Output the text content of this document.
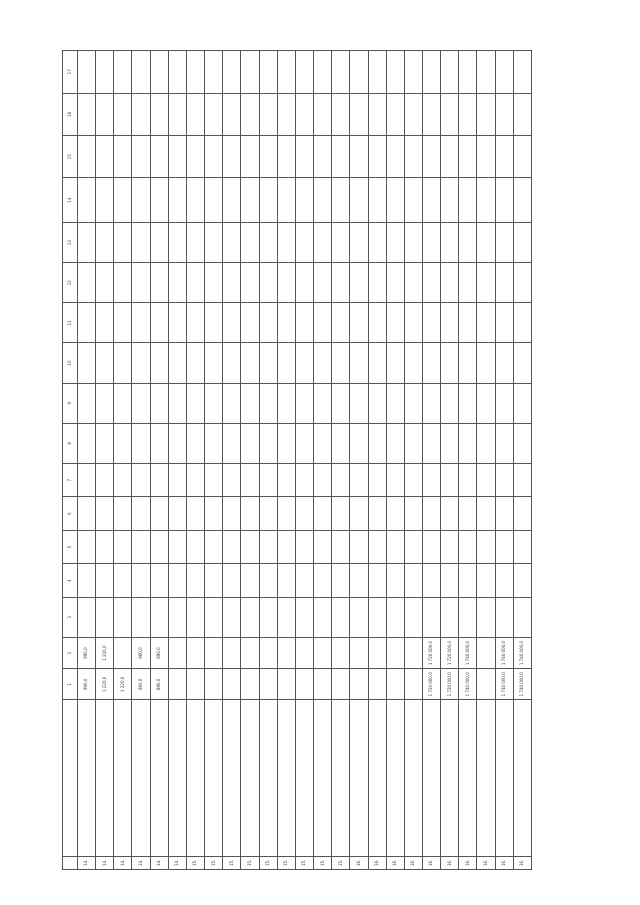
		1	2	3	4	5	6	7	8	9	10	11	12	13	14	15	16	17
14.		990,0	990,0															
14.		1 220,0	1 220,0															
14.		1 220,0																
14.		960,0	960,0															
14.		890,0	890,0															
14.																		
15.																		
15.																		
15.																		
15.																		
15.																		
15.																		
15.																		
15.																		
15.																		
16.																		
16.																		
16.																		
16.																		
16.		1 720 000,0	1 720 000,0															
16.		1 720 000,0	1 720 000,0															
16.		1 740 000,0	1 740 000,0															
16.																		
16.		1 740 000,0	1 740 000,0															
16.		1 740 000,0	1 740 000,0															
